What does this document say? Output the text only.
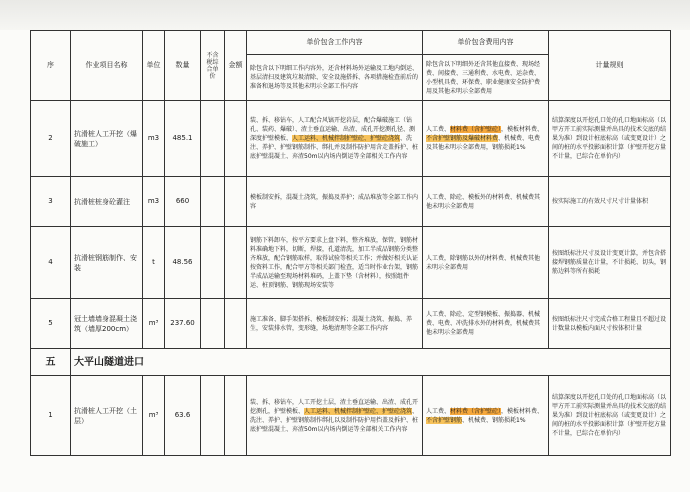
序	作业项目名称	单位	数量	不含税综合单价	金额	单价包含工作内容	单价包含费用内容	计量规则
						除包含以下明细工作内容外，还含材料场外运输及工地内倒运、基层清扫及建筑垃圾清除、安全设施搭拆、各项措施检查前后的准备和退场等及其他未明示全部工作内容	除包含以下明细外还含其他直接费、现场经费、间接费、三通利费、水电费、运杂费、小型机具费、环保费、职业健康安全防护费用及其他未明示全部费用	
2	抗滑桩人工开挖（爆破施工）	m3	485.1			装、拆、移钻车，人工配合风镐开挖岩层，配合爆破施工（钻孔、装药、爆破）、渣土垂直运输、出渣、成孔开挖测孔径、测深度护壁模板、人工运料、机械拌制护壁砼、护壁砼浇筑、洗注、养护、护壁钢筋制作、绑扎并及制作防护用含走盖拆护、桩底护壁混凝土、弃渣50m以内场内倒运等全部相关工作内容	人工费、材料费（含护壁砼），模板材料费、不含护壁钢筋及爆破材料费、机械费、电费及其他未明示全部费用，钢筋损耗1%	结算深度以开挖孔口处的孔口地面标高（以甲方开工前实际测量并出具的技术交底的结果为准）到设计桩底标高（或变更设计）之间的桩的水平投影面积计算（护壁开挖方量不计量，已综合在单价内）
3	抗滑桩桩身砼灌注	m3	660			模板制安拆，混凝土浇筑，振捣及养护；成品堆放等全部工作内容	人工费、除砼、模板外的材料费、机械费其他未明示全部费用	按实际施工的有效尺寸尺寸计量体积
4	抗滑桩钢筋制作、安装	t	48.56			钢筋下料卸车，按平方要求上盘下料，整齐堆放，保管，钢筋材料准确地下料，切断，焊接，孔道清洗，加工半成品钢筋分类整齐堆放，配合钢筋取样，取得试验等相关工作；并做好相关认证按资料工作，配合甲方等相关部门检查，适当时作业台架，钢筋半成品运输至现场材料堆码，上盖下垫（含材料），按照组件运、桩顶钢筋、钢筋现场安装等	人工费，除钢筋以外的材料费、机械费其他未明示全部费用	按图纸标注尺寸及设计变更计算，并包含搭接焊钢筋质量在计量，不计损耗、切头，钢筋边料等所有损耗
5	冠土墙墙身混凝土浇筑（墙厚200cm）	m³	237.60			施工准备、脚手架搭拆、模板制安拆；混凝土浇筑、振捣、养生，安装排水管，变形缝，场地清理等全部工作内容	人工费、除砼、定型钢模板、振捣器、机械费、电费、冲洗排水外的材料费，机械费其他未明示全部费用	按图纸标注尺寸完成合格工程量且不超过设计数量以模板内面尺寸按体积计量
五	大平山隧道进口							
1	抗滑桩人工开挖（土层）	m³	63.6			装、拆、移钻车，人工开挖土层，渣土垂直运输、出渣、成孔开挖测孔，护壁模板、人工运料、机械拌制护壁砼、护壁砼浇筑、洗注、养护、护壁钢筋制作绑扎以及制作防护用挡盖及拆护、桩底护壁混凝土、弃渣50m以内场内倒运等全部相关工作内容	人工费、材料费（含护壁砼），模板材料费、不含护壁钢筋、机械费、钢筋损耗1%	结算深度以开挖孔口处的孔口地面标高（以甲方开工前实际测量并出具的技术交底的结果为准）到设计桩底标高（或变更设计）之间的桩的水平投影面积计算（护壁开挖方量不计量，已综合在单价内）
